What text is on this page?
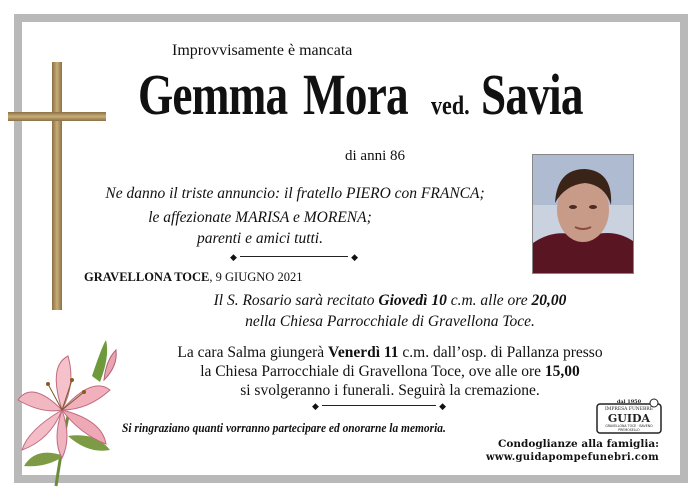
Improvvisamente è mancata

Gemma Mora ved. Savia

di anni 86

Ne danno il triste annuncio: il fratello PIERO con FRANCA;

le affezionate MARISA e MORENA;

parenti e amici tutti.

◆	◆

GRAVELLONA TOCE, 9 GIUGNO 2021

Il S. Rosario sarà recitato Giovedì 10 c.m. alle ore 20,00
nella Chiesa Parrocchiale di Gravellona Toce.
La cara Salma giungerà Venerdì 11 c.m. dall’osp. di Pallanza presso
la Chiesa Parrocchiale di Gravellona Toce, ove alle ore 15,00
si svolgeranno i funerali. Seguirà la cremazione.
◆	◆

Si ringraziano quanti vorranno partecipare ed onorarne la memoria.

dal 1950
IMPRESA FUNEBRE
GUIDA
GRAVELLONA TOCE · BAVENO
PREMOSELLO

Condoglianze alla famiglia:

www.guidapompefunebri.com
